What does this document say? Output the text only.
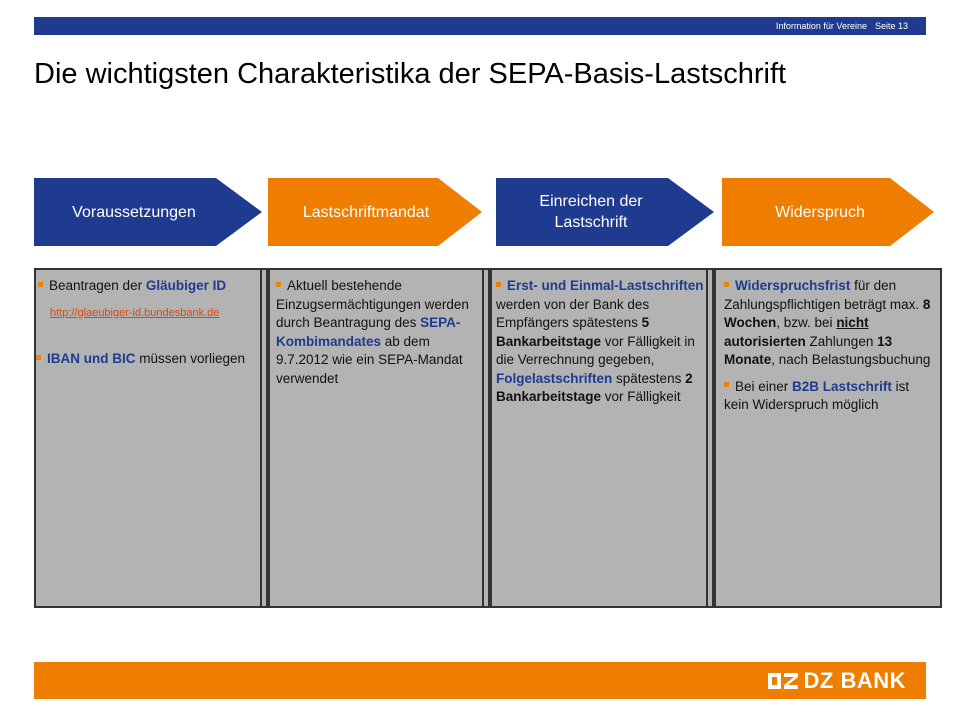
Information für Vereine Seite 13
Die wichtigsten Charakteristika der SEPA-Basis-Lastschrift
Voraussetzungen	Lastschriftmandat
Einreichen der
Lastschrift
Widerspruch

Beantragen der Gläubiger ID

http://glaeubiger-id.bundesbank.de

IBAN und BIC müssen vorliegen

Aktuell bestehende Einzugsermächtigungen werden durch Beantragung des SEPA-Kombimandates ab dem 9.7.2012 wie ein SEPA-Mandat verwendet

Erst- und Einmal-Lastschriften werden von der Bank des Empfängers spätestens 5 Bankarbeitstage vor Fälligkeit in die Verrechnung gegeben, Folgelastschriften spätestens 2 Bankarbeitstage vor Fälligkeit

Widerspruchsfrist für den Zahlungspflichtigen beträgt max. 8 Wochen, bzw. bei nicht autorisierten Zahlungen 13 Monate, nach Belastungsbuchung

Bei einer B2B Lastschrift ist kein Widerspruch möglich

DZ BANK
